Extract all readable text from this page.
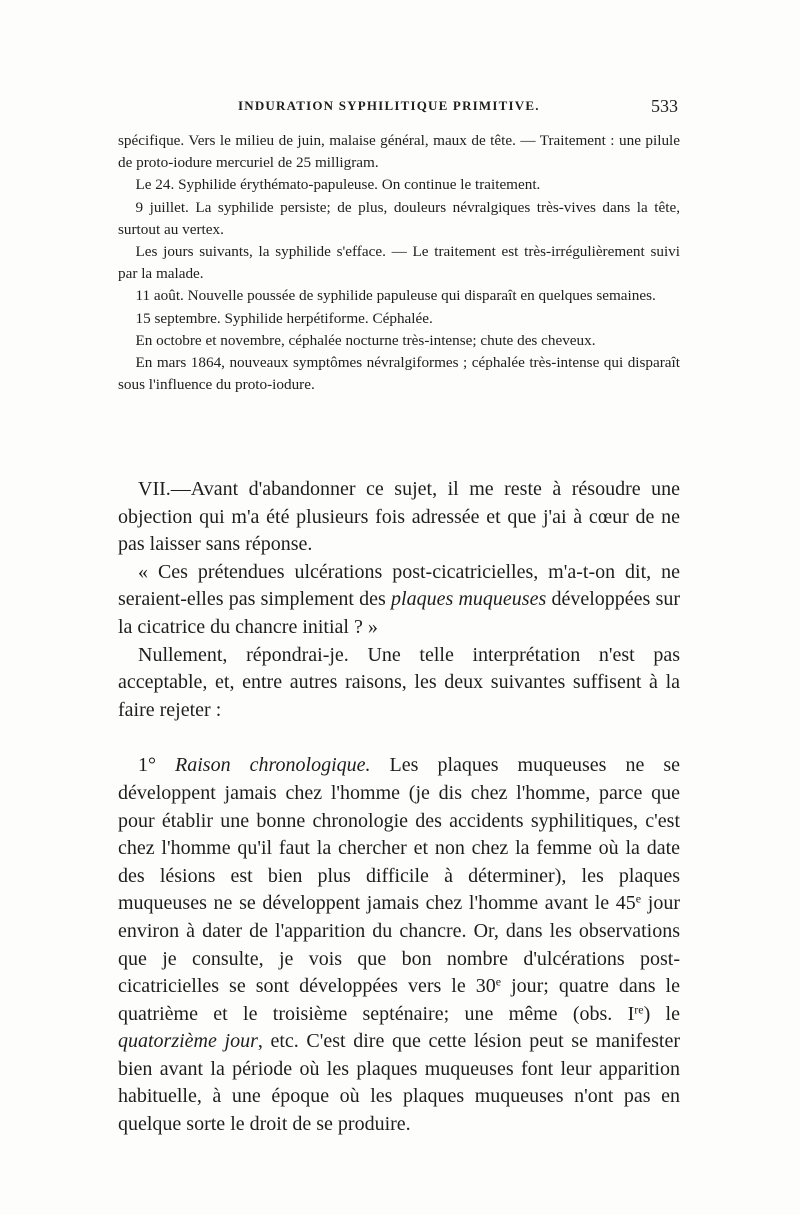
INDURATION SYPHILITIQUE PRIMITIVE.	533

spécifique. Vers le milieu de juin, malaise général, maux de tête. — Traitement : une pilule de proto-iodure mercuriel de 25 milligram.

Le 24. Syphilide érythémato-papuleuse. On continue le traitement.

9 juillet. La syphilide persiste; de plus, douleurs névralgiques très-vives dans la tête, surtout au vertex.

Les jours suivants, la syphilide s'efface. — Le traitement est très-irrégulièrement suivi par la malade.

11 août. Nouvelle poussée de syphilide papuleuse qui disparaît en quelques semaines.

15 septembre. Syphilide herpétiforme. Céphalée.

En octobre et novembre, céphalée nocturne très-intense; chute des cheveux.

En mars 1864, nouveaux symptômes névralgiformes ; céphalée très-intense qui disparaît sous l'influence du proto-iodure.

VII.—Avant d'abandonner ce sujet, il me reste à résoudre une objection qui m'a été plusieurs fois adressée et que j'ai à cœur de ne pas laisser sans réponse.

« Ces prétendues ulcérations post-cicatricielles, m'a-t-on dit, ne seraient-elles pas simplement des plaques muqueuses développées sur la cicatrice du chancre initial ? »

Nullement, répondrai-je. Une telle interprétation n'est pas acceptable, et, entre autres raisons, les deux suivantes suffisent à la faire rejeter :

1° Raison chronologique. Les plaques muqueuses ne se développent jamais chez l'homme (je dis chez l'homme, parce que pour établir une bonne chronologie des accidents syphilitiques, c'est chez l'homme qu'il faut la chercher et non chez la femme où la date des lésions est bien plus difficile à déterminer), les plaques muqueuses ne se développent jamais chez l'homme avant le 45e jour environ à dater de l'apparition du chancre. Or, dans les observations que je consulte, je vois que bon nombre d'ulcérations post-cicatricielles se sont développées vers le 30e jour; quatre dans le quatrième et le troisième septénaire; une même (obs. Ire) le quatorzième jour, etc. C'est dire que cette lésion peut se manifester bien avant la période où les plaques muqueuses font leur apparition habituelle, à une époque où les plaques muqueuses n'ont pas en quelque sorte le droit de se produire.
